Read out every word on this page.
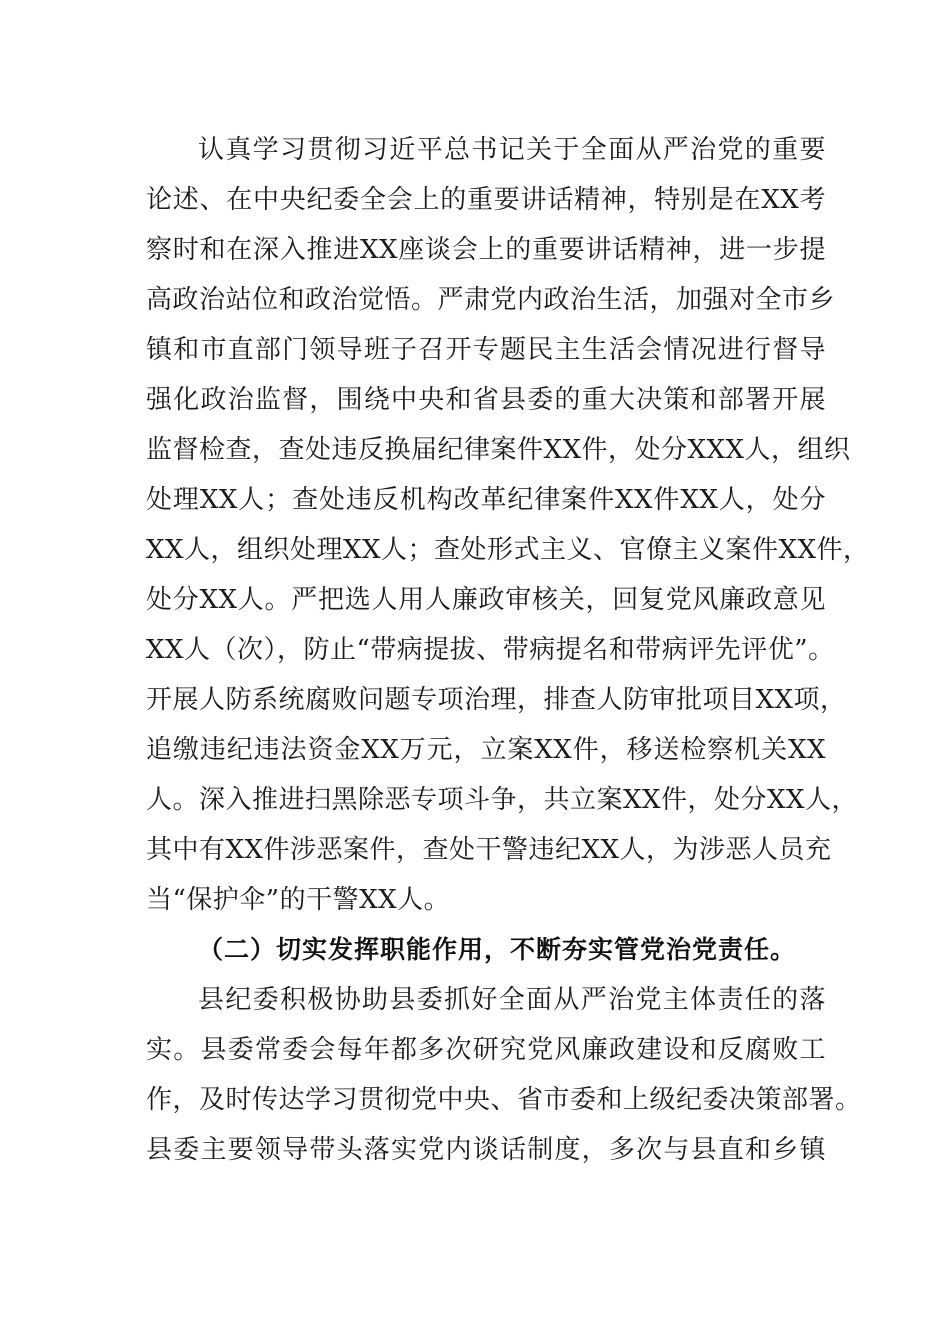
认真学习贯彻习近平总书记关于全面从严治党的重要
论述、在中央纪委全会上的重要讲话精神，特别是在XX考
察时和在深入推进XX座谈会上的重要讲话精神，进一步提
高政治站位和政治觉悟。严肃党内政治生活，加强对全市乡
镇和市直部门领导班子召开专题民主生活会情况进行督导
强化政治监督，围绕中央和省县委的重大决策和部署开展
监督检查，查处违反换届纪律案件XX件，处分XXX人，组织
处理XX人；查处违反机构改革纪律案件XX件XX人，处分
XX人，组织处理XX人；查处形式主义、官僚主义案件XX件，
处分XX人。严把选人用人廉政审核关，回复党风廉政意见
XX人（次），防止“带病提拔、带病提名和带病评先评优”。
开展人防系统腐败问题专项治理，排查人防审批项目XX项，
追缴违纪违法资金XX万元，立案XX件，移送检察机关XX
人。深入推进扫黑除恶专项斗争，共立案XX件，处分XX人，
其中有XX件涉恶案件，查处干警违纪XX人，为涉恶人员充
当“保护伞”的干警XX人。
（二）切实发挥职能作用，不断夯实管党治党责任。
县纪委积极协助县委抓好全面从严治党主体责任的落
实。县委常委会每年都多次研究党风廉政建设和反腐败工
作，及时传达学习贯彻党中央、省市委和上级纪委决策部署。
县委主要领导带头落实党内谈话制度，多次与县直和乡镇
